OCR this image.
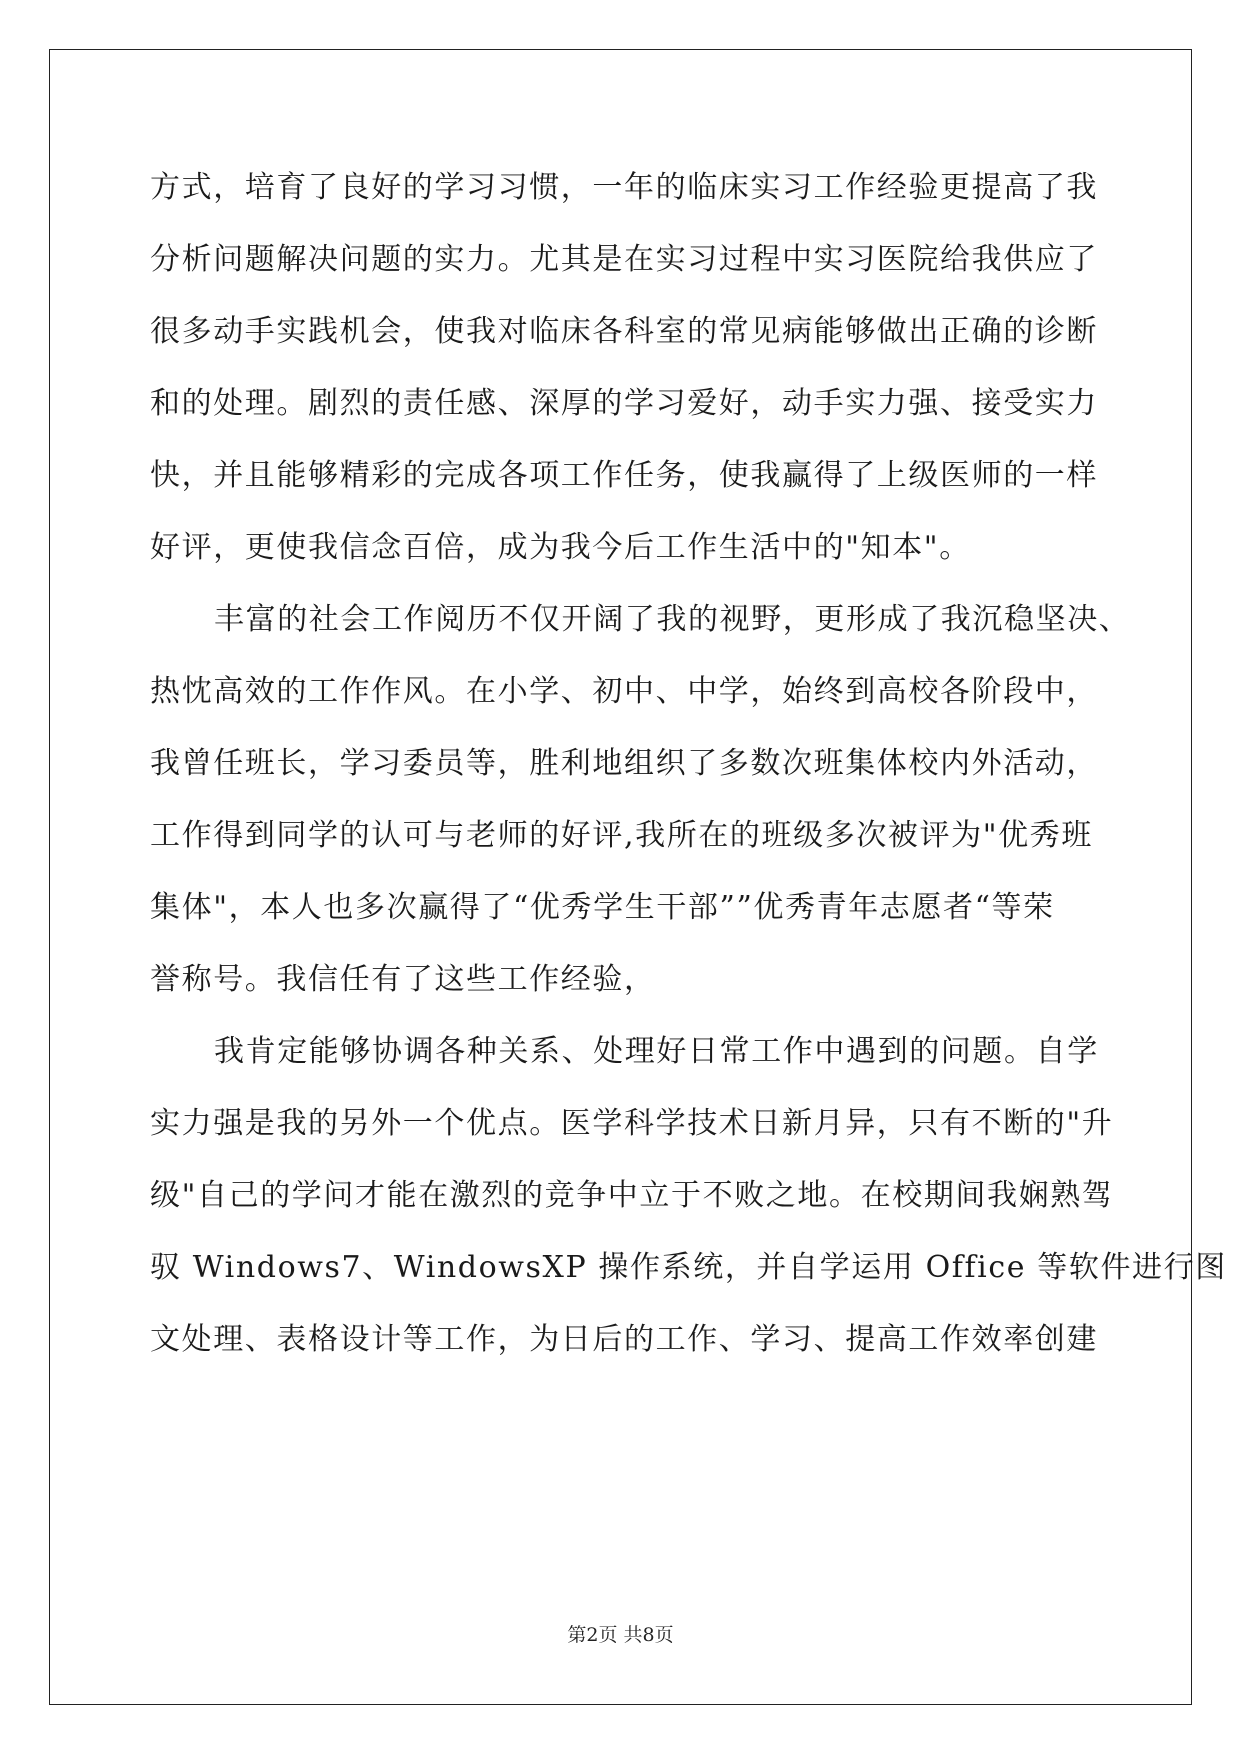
方式，培育了良好的学习习惯，一年的临床实习工作经验更提高了我
分析问题解决问题的实力。尤其是在实习过程中实习医院给我供应了
很多动手实践机会，使我对临床各科室的常见病能够做出正确的诊断
和的处理。剧烈的责任感、深厚的学习爱好，动手实力强、接受实力
快，并且能够精彩的完成各项工作任务，使我赢得了上级医师的一样
好评，更使我信念百倍，成为我今后工作生活中的"知本"。
丰富的社会工作阅历不仅开阔了我的视野，更形成了我沉稳坚决、
热忱高效的工作作风。在小学、初中、中学，始终到高校各阶段中，
我曾任班长，学习委员等，胜利地组织了多数次班集体校内外活动，
工作得到同学的认可与老师的好评,我所在的班级多次被评为"优秀班
集体"，本人也多次赢得了“优秀学生干部””优秀青年志愿者“等荣
誉称号。我信任有了这些工作经验，
我肯定能够协调各种关系、处理好日常工作中遇到的问题。自学
实力强是我的另外一个优点。医学科学技术日新月异，只有不断的"升
级"自己的学问才能在激烈的竞争中立于不败之地。在校期间我娴熟驾
驭 Windows7、WindowsXP 操作系统，并自学运用 Office 等软件进行图
文处理、表格设计等工作，为日后的工作、学习、提高工作效率创建
第2页 共8页
